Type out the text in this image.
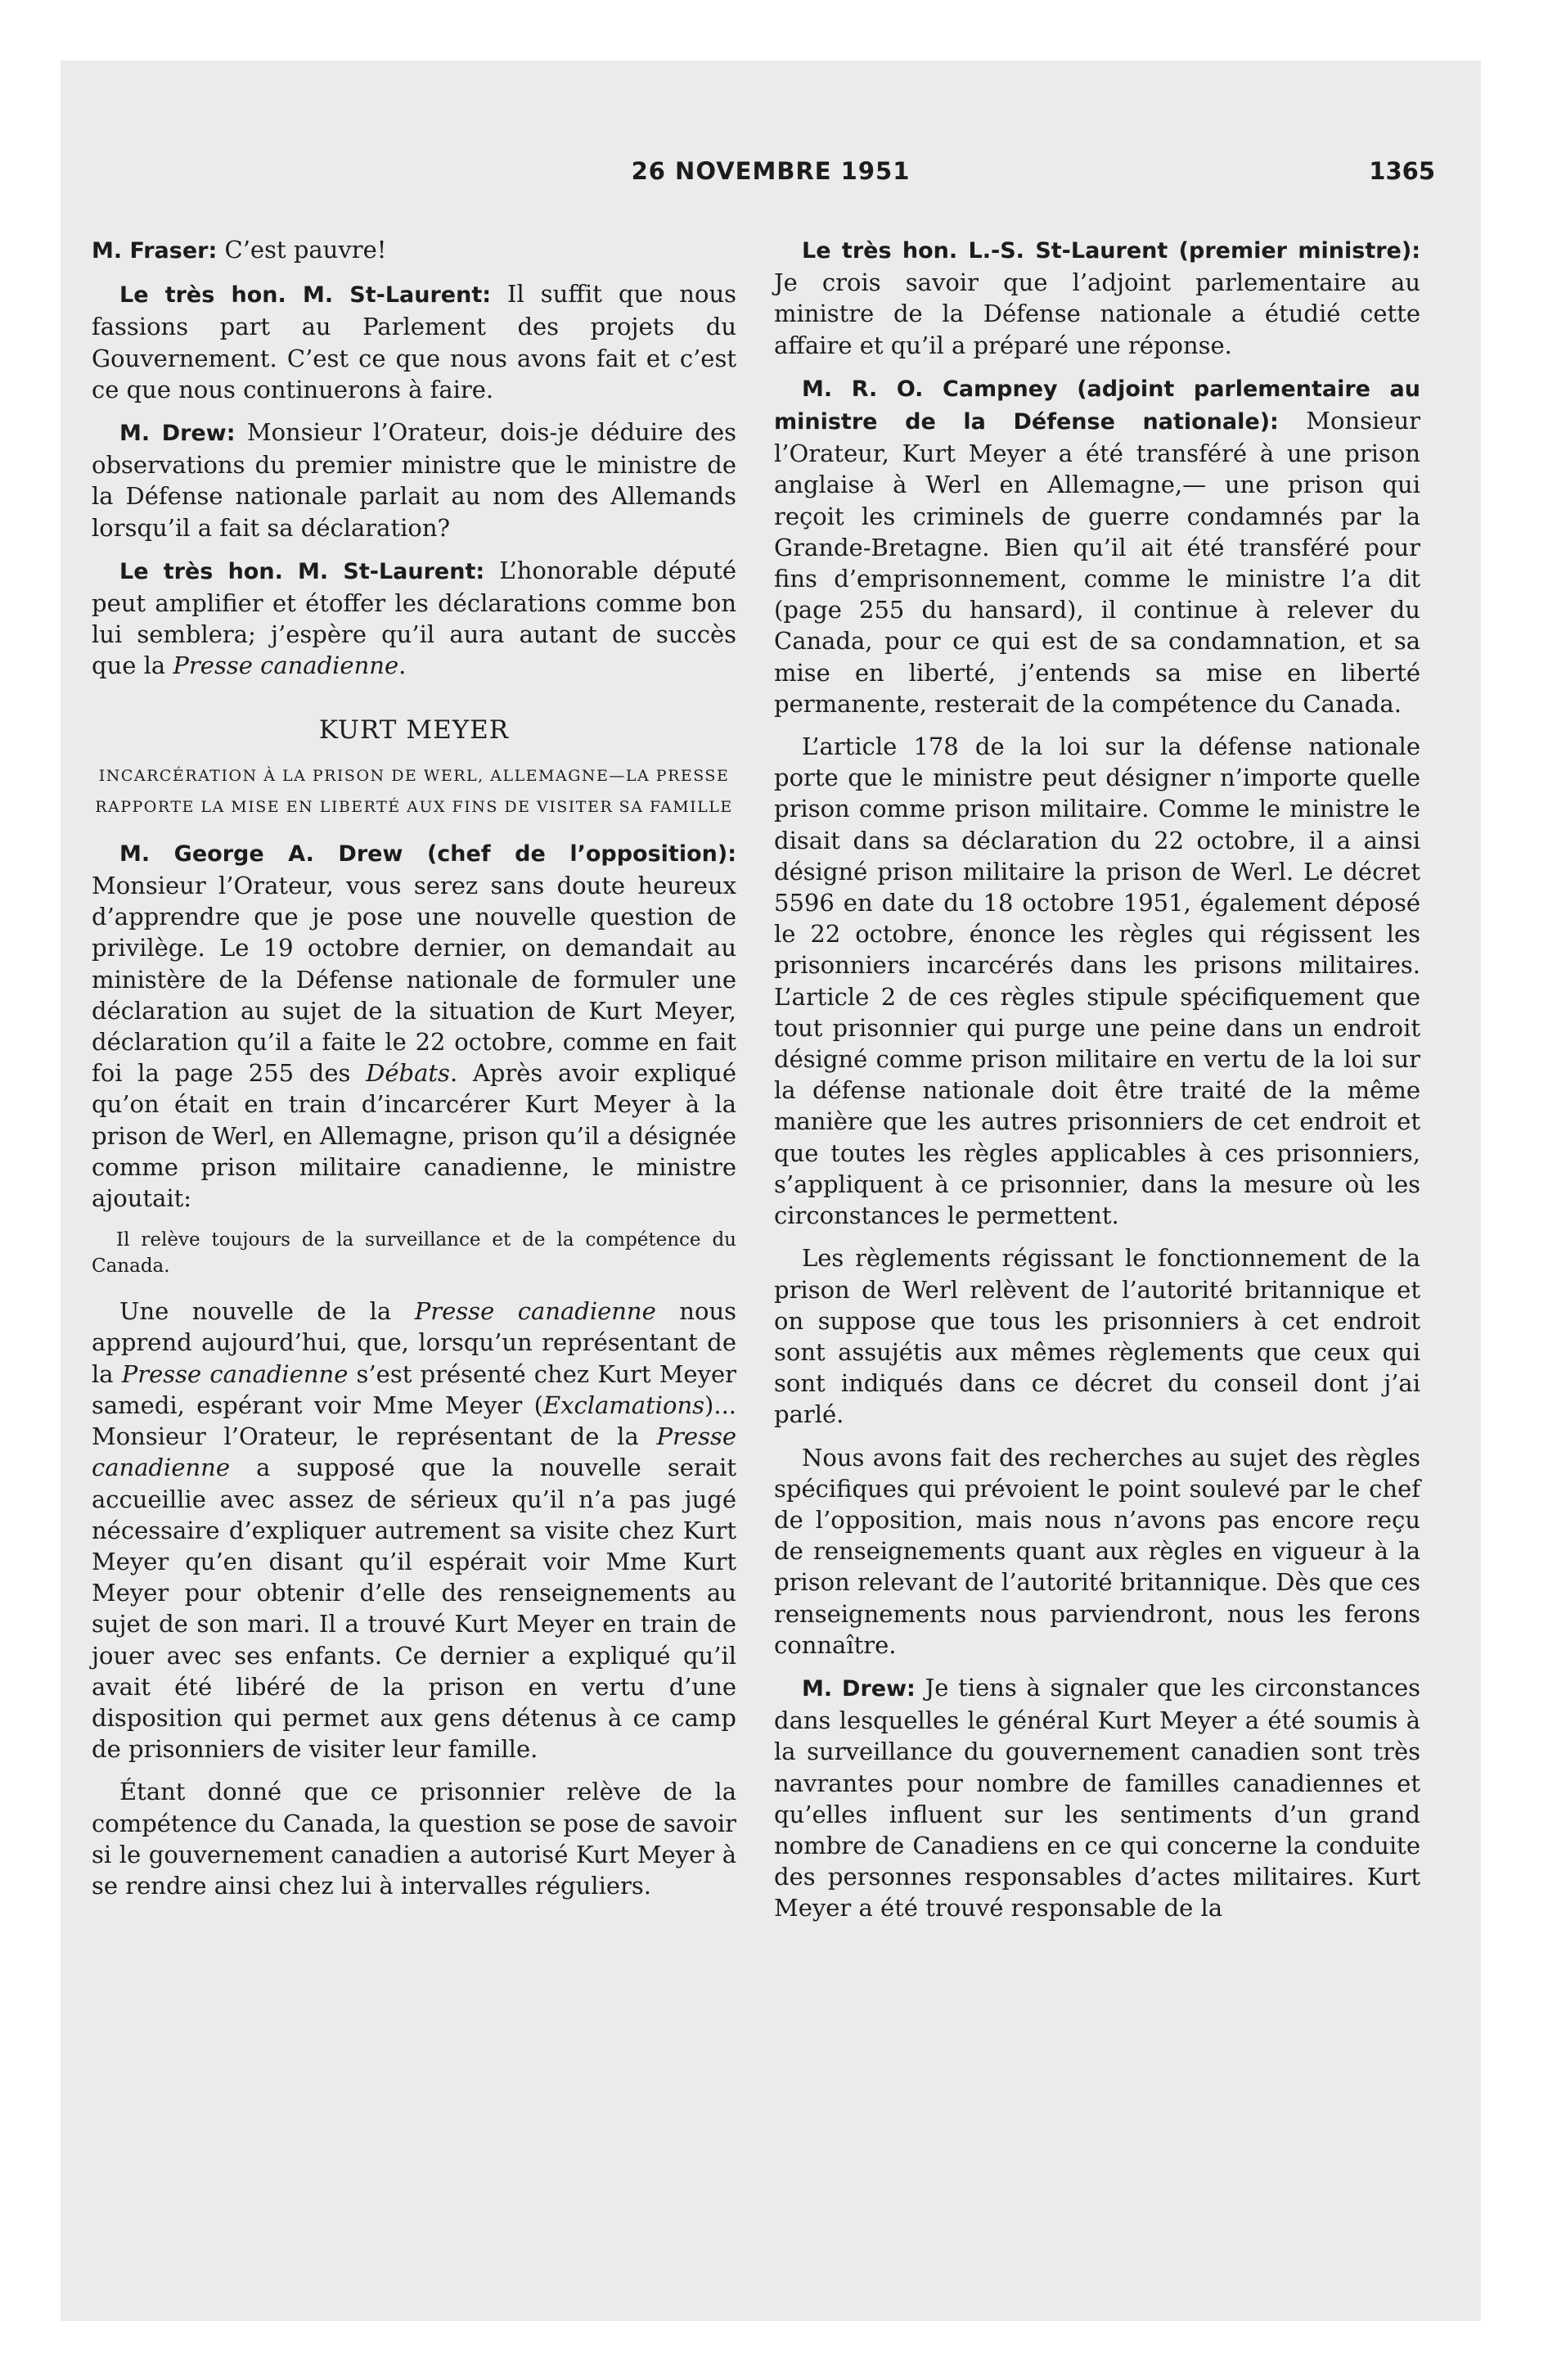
26 NOVEMBRE 1951	1365

M. Fraser: C’est pauvre!

Le très hon. M. St-Laurent: Il suffit que nous fassions part au Parlement des projets du Gouvernement. C’est ce que nous avons fait et c’est ce que nous continuerons à faire.

M. Drew: Monsieur l’Orateur, dois-je déduire des observations du premier ministre que le ministre de la Défense nationale parlait au nom des Allemands lorsqu’il a fait sa déclaration?

Le très hon. M. St-Laurent: L’honorable député peut amplifier et étoffer les déclarations comme bon lui semblera; j’espère qu’il aura autant de succès que la Presse canadienne.

KURT MEYER
INCARCÉRATION À LA PRISON DE WERL, ALLEMAGNE—LA PRESSE RAPPORTE LA MISE EN LIBERTÉ AUX FINS DE VISITER SA FAMILLE

M. George A. Drew (chef de l’opposition): Monsieur l’Orateur, vous serez sans doute heureux d’apprendre que je pose une nouvelle question de privilège. Le 19 octobre dernier, on demandait au ministère de la Défense nationale de formuler une déclaration au sujet de la situation de Kurt Meyer, déclaration qu’il a faite le 22 octobre, comme en fait foi la page 255 des Débats. Après avoir expliqué qu’on était en train d’incarcérer Kurt Meyer à la prison de Werl, en Allemagne, prison qu’il a désignée comme prison militaire canadienne, le ministre ajoutait:

Il relève toujours de la surveillance et de la compétence du Canada.

Une nouvelle de la Presse canadienne nous apprend aujourd’hui, que, lorsqu’un représentant de la Presse canadienne s’est présenté chez Kurt Meyer samedi, espérant voir Mme Meyer (Exclamations)... Monsieur l’Orateur, le représentant de la Presse canadienne a supposé que la nouvelle serait accueillie avec assez de sérieux qu’il n’a pas jugé nécessaire d’expliquer autrement sa visite chez Kurt Meyer qu’en disant qu’il espérait voir Mme Kurt Meyer pour obtenir d’elle des renseignements au sujet de son mari. Il a trouvé Kurt Meyer en train de jouer avec ses enfants. Ce dernier a expliqué qu’il avait été libéré de la prison en vertu d’une disposition qui permet aux gens détenus à ce camp de prisonniers de visiter leur famille.

Étant donné que ce prisonnier relève de la compétence du Canada, la question se pose de savoir si le gouvernement canadien a autorisé Kurt Meyer à se rendre ainsi chez lui à intervalles réguliers.

Le très hon. L.-S. St-Laurent (premier ministre): Je crois savoir que l’adjoint parlementaire au ministre de la Défense nationale a étudié cette affaire et qu’il a préparé une réponse.

M. R. O. Campney (adjoint parlementaire au ministre de la Défense nationale): Monsieur l’Orateur, Kurt Meyer a été transféré à une prison anglaise à Werl en Allemagne,— une prison qui reçoit les criminels de guerre condamnés par la Grande-Bretagne. Bien qu’il ait été transféré pour fins d’emprisonnement, comme le ministre l’a dit (page 255 du hansard), il continue à relever du Canada, pour ce qui est de sa condamnation, et sa mise en liberté, j’entends sa mise en liberté permanente, resterait de la compétence du Canada.

L’article 178 de la loi sur la défense nationale porte que le ministre peut désigner n’importe quelle prison comme prison militaire. Comme le ministre le disait dans sa déclaration du 22 octobre, il a ainsi désigné prison militaire la prison de Werl. Le décret 5596 en date du 18 octobre 1951, également déposé le 22 octobre, énonce les règles qui régissent les prisonniers incarcérés dans les prisons militaires. L’article 2 de ces règles stipule spécifiquement que tout prisonnier qui purge une peine dans un endroit désigné comme prison militaire en vertu de la loi sur la défense nationale doit être traité de la même manière que les autres prisonniers de cet endroit et que toutes les règles applicables à ces prisonniers, s’appliquent à ce prisonnier, dans la mesure où les circonstances le permettent.

Les règlements régissant le fonctionnement de la prison de Werl relèvent de l’autorité britannique et on suppose que tous les prisonniers à cet endroit sont assujétis aux mêmes règlements que ceux qui sont indiqués dans ce décret du conseil dont j’ai parlé.

Nous avons fait des recherches au sujet des règles spécifiques qui prévoient le point soulevé par le chef de l’opposition, mais nous n’avons pas encore reçu de renseignements quant aux règles en vigueur à la prison relevant de l’autorité britannique. Dès que ces renseignements nous parviendront, nous les ferons connaître.

M. Drew: Je tiens à signaler que les circonstances dans lesquelles le général Kurt Meyer a été soumis à la surveillance du gouvernement canadien sont très navrantes pour nombre de familles canadiennes et qu’elles influent sur les sentiments d’un grand nombre de Canadiens en ce qui concerne la conduite des personnes responsables d’actes militaires. Kurt Meyer a été trouvé responsable de la
